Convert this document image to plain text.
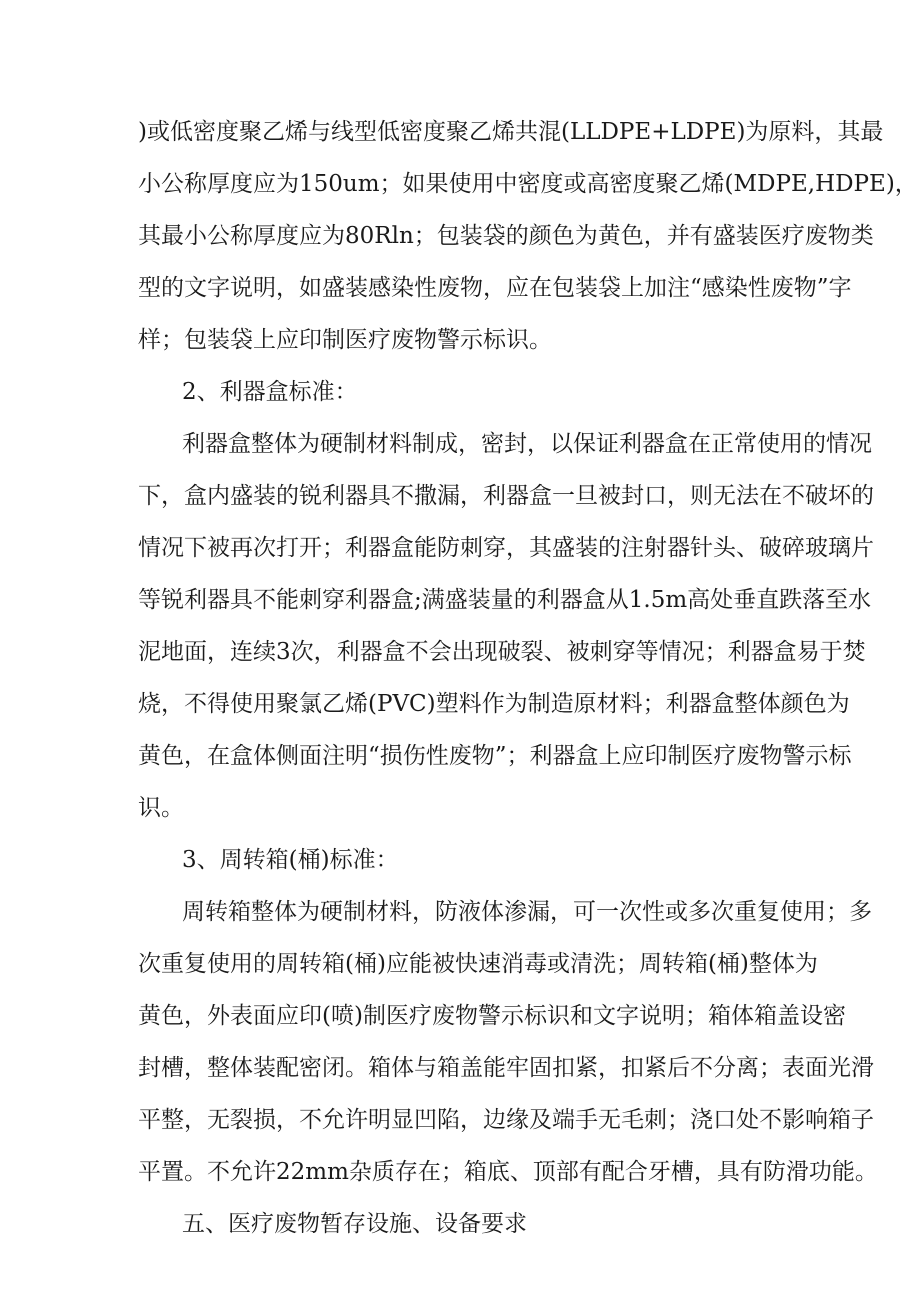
)或低密度聚乙烯与线型低密度聚乙烯共混(LLDPE+LDPE)为原料，其最
小公称厚度应为150um；如果使用中密度或高密度聚乙烯(MDPE,HDPE)，
其最小公称厚度应为80Rln；包装袋的颜色为黄色，并有盛装医疗废物类
型的文字说明，如盛装感染性废物，应在包装袋上加注“感染性废物”字
样；包装袋上应印制医疗废物警示标识。
2、利器盒标准：
利器盒整体为硬制材料制成，密封，以保证利器盒在正常使用的情况
下，盒内盛装的锐利器具不撒漏，利器盒一旦被封口，则无法在不破坏的
情况下被再次打开；利器盒能防刺穿，其盛装的注射器针头、破碎玻璃片
等锐利器具不能刺穿利器盒;满盛装量的利器盒从1.5m高处垂直跌落至水
泥地面，连续3次，利器盒不会出现破裂、被刺穿等情况；利器盒易于焚
烧，不得使用聚氯乙烯(PVC)塑料作为制造原材料；利器盒整体颜色为
黄色，在盒体侧面注明“损伤性废物”；利器盒上应印制医疗废物警示标
识。
3、周转箱(桶)标准：
周转箱整体为硬制材料，防液体渗漏，可一次性或多次重复使用；多
次重复使用的周转箱(桶)应能被快速消毒或清洗；周转箱(桶)整体为
黄色，外表面应印(喷)制医疗废物警示标识和文字说明；箱体箱盖设密
封槽，整体装配密闭。箱体与箱盖能牢固扣紧，扣紧后不分离；表面光滑
平整，无裂损，不允许明显凹陷，边缘及端手无毛刺；浇口处不影响箱子
平置。不允许22mm杂质存在；箱底、顶部有配合牙槽，具有防滑功能。
五、医疗废物暂存设施、设备要求
